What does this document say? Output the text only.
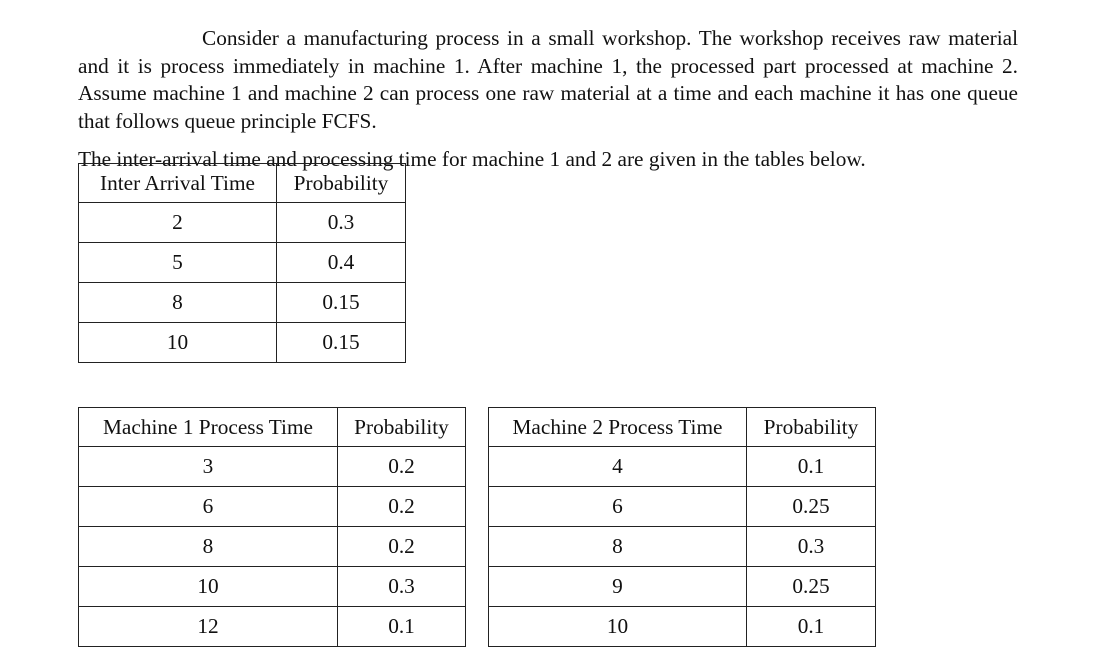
Consider a manufacturing process in a small workshop. The workshop receives raw material and it is process immediately in machine 1. After machine 1, the processed part processed at machine 2. Assume machine 1 and machine 2 can process one raw material at a time and each machine it has one queue that follows queue principle FCFS.

The inter-arrival time and processing time for machine 1 and 2 are given in the tables below.

Inter Arrival Time	Probability
2	0.3
5	0.4
8	0.15
10	0.15
Machine 1 Process Time	Probability
3	0.2
6	0.2
8	0.2
10	0.3
12	0.1
Machine 2 Process Time	Probability
4	0.1
6	0.25
8	0.3
9	0.25
10	0.1
